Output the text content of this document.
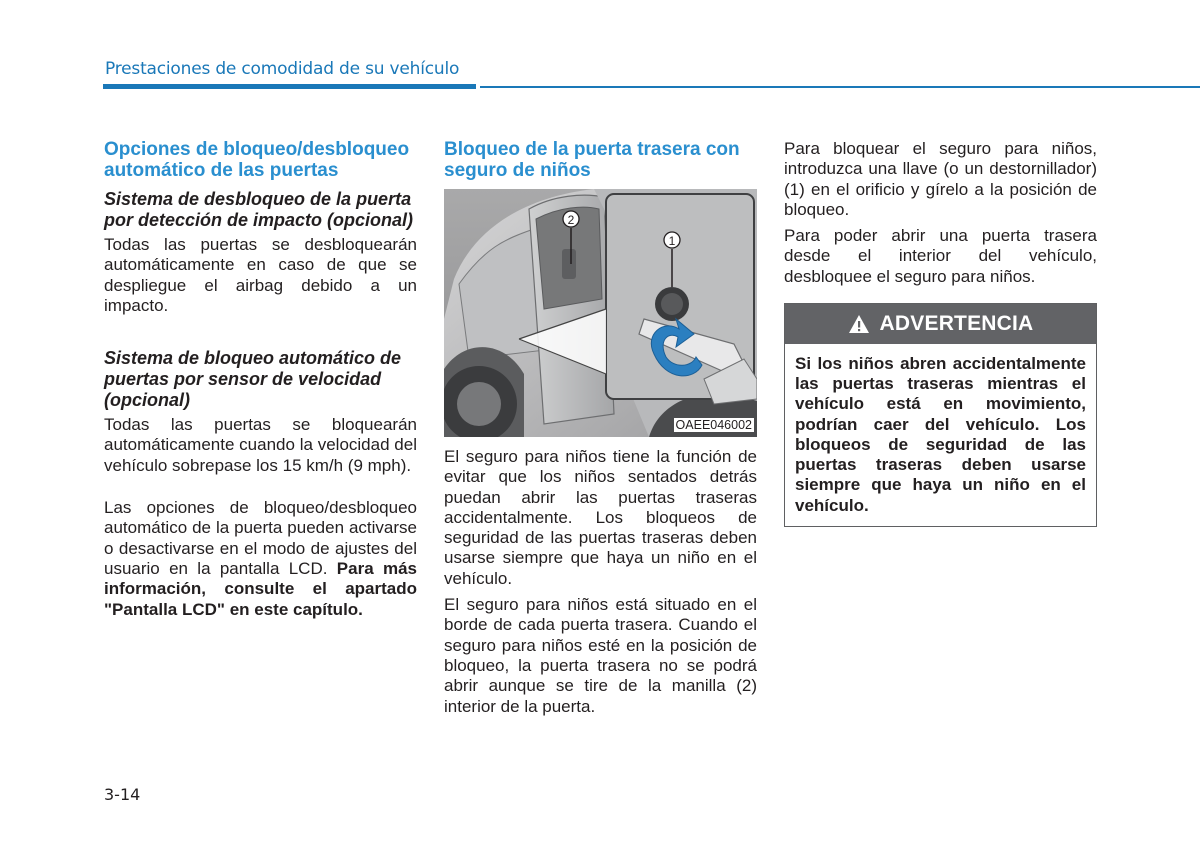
Prestaciones de comodidad de su vehículo
Opciones de bloqueo/desbloqueo automático de las puertas
Sistema de desbloqueo de la puerta por detección de impacto (opcional)

Todas las puertas se desbloquearán automáticamente en caso de que se despliegue el airbag debido a un impacto.

Sistema de bloqueo automático de puertas por sensor de velocidad (opcional)

Todas las puertas se bloquearán automáticamente cuando la velocidad del vehículo sobrepase los 15 km/h (9 mph).

Las opciones de bloqueo/desbloqueo automático de la puerta pueden activarse o desactivarse en el modo de ajustes del usuario en la pantalla LCD. Para más información, consulte el apartado "Pantalla LCD" en este capítulo.

Bloqueo de la puerta trasera con seguro de niños
1
2
OAEE046002

El seguro para niños tiene la función de evitar que los niños sentados detrás puedan abrir las puertas traseras accidentalmente. Los bloqueos de seguridad de las puertas traseras deben usarse siempre que haya un niño en el vehículo.

El seguro para niños está situado en el borde de cada puerta trasera. Cuando el seguro para niños esté en la posición de bloqueo, la puerta trasera no se podrá abrir aunque se tire de la manilla (2) interior de la puerta.

Para bloquear el seguro para niños, introduzca una llave (o un destornillador) (1) en el orificio y gírelo a la posición de bloqueo.

Para poder abrir una puerta trasera desde el interior del vehículo, desbloquee el seguro para niños.

ADVERTENCIA
Si los niños abren accidentalmente las puertas traseras mientras el vehículo está en movimiento, podrían caer del vehículo. Los bloqueos de seguridad de las puertas traseras deben usarse siempre que haya un niño en el vehículo.
3-14
